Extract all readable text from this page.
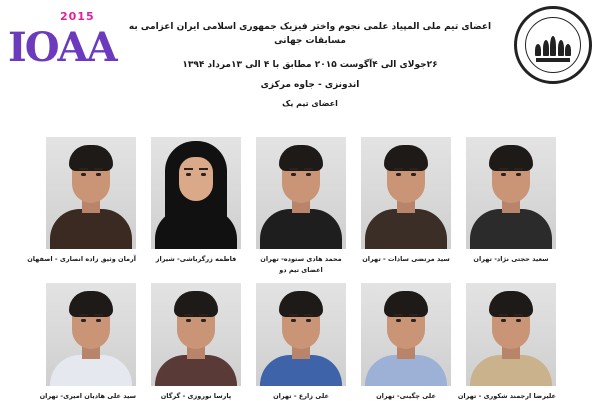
2015
IOAA	اعضای تیم ملی المپیاد علمی نجوم واختر فیزیک جمهوری اسلامی ایران اعزامی به مسابقات جهانی
۲۶جولای الی ۴آگوست ۲۰۱۵ مطابق با ۴ الی ۱۳مرداد ۱۳۹۴
اندونزی - جاوه مرکزی
اعضای تیم یک
سعید حجتی نژاد- تهران
سید مرتضی سادات - تهران
محمد هادی ستوده- تهران
اعضای تیم دو
فاطمه زرگرباشی- شیراز
آرمان وثیق زاده انصاری - اصفهان
علیرضا ارجمند شکوری - تهران
علی چگینی- تهران
علی زارع - تهران
پارسا نوروزی - گرگان
سید علی هادیان امیری- تهران
